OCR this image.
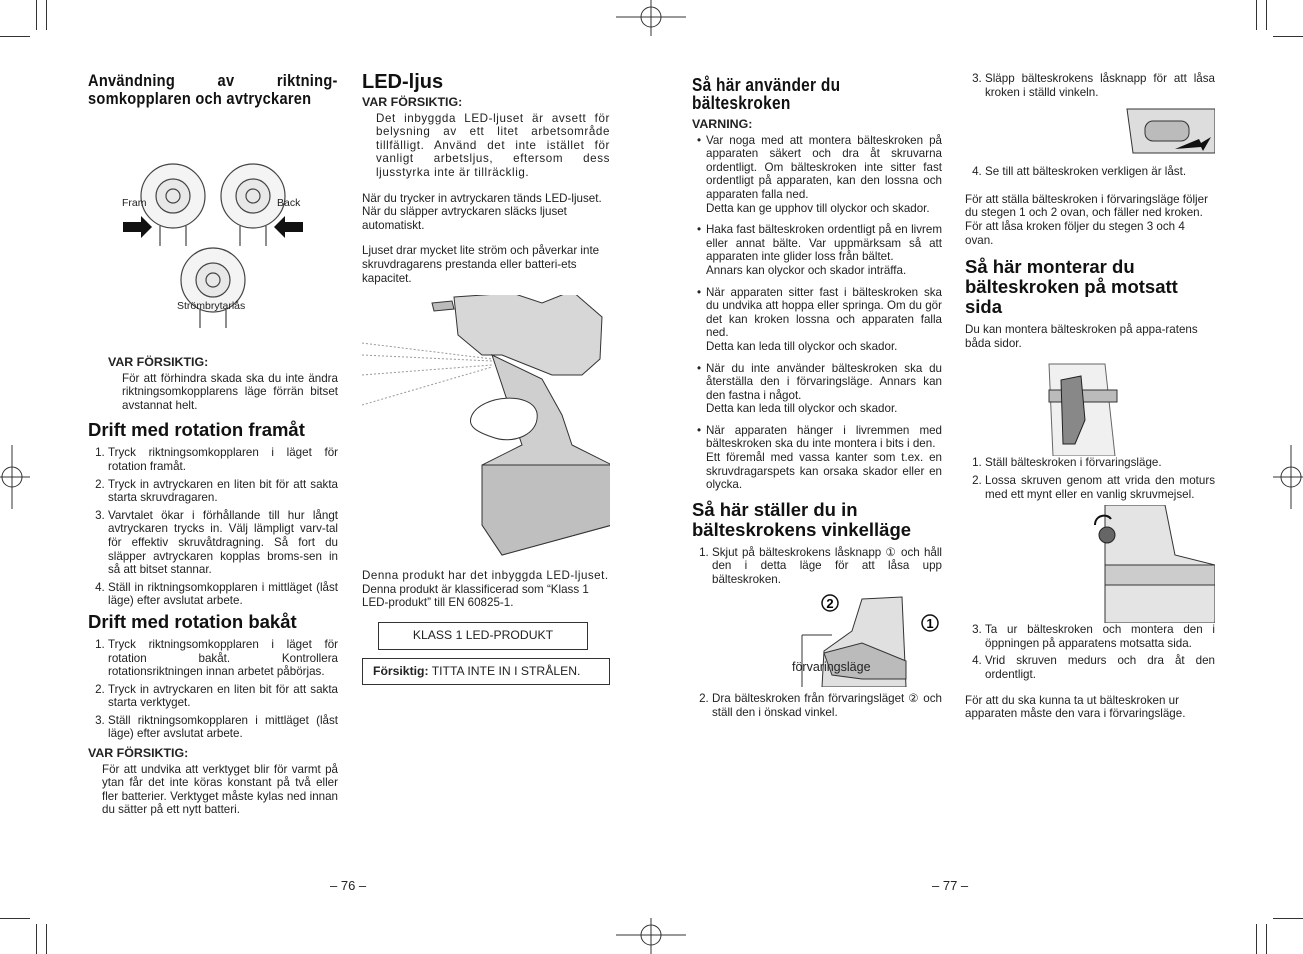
Användning av riktningsomkopplaren och avtryckaren
Fram	Back
Strömbrytarlås
VAR FÖRSIKTIG:
För att förhindra skada ska du inte ändra riktningsomkopplarens läge förrän bitset avstannat helt.
Drift med rotation framåt
1. Tryck riktningsomkopplaren i läget för rotation framåt.
2. Tryck in avtryckaren en liten bit för att sakta starta skruvdragaren.
3. Varvtalet ökar i förhållande till hur långt avtryckaren trycks in. Välj lämpligt varv-tal för effektiv skruvåtdragning. Så fort du släpper avtryckaren kopplas broms-sen in så att bitset stannar.
4. Ställ in riktningsomkopplaren i mittläget (låst läge) efter avslutat arbete.
Drift med rotation bakåt
1. Tryck riktningsomkopplaren i läget för rotation bakåt. Kontrollera rotationsriktningen innan arbetet påbörjas.
2. Tryck in avtryckaren en liten bit för att sakta starta verktyget.
3. Ställ riktningsomkopplaren i mittläget (låst läge) efter avslutat arbete.
VAR FÖRSIKTIG:
För att undvika att verktyget blir för varmt på ytan får det inte köras konstant på två eller fler batterier. Verktyget måste kylas ned innan du sätter på ett nytt batteri.
LED-ljus
VAR FÖRSIKTIG:

Det inbyggda LED-ljuset är avsett för belysning av ett litet arbetsområde tillfälligt. Använd det inte istället för vanligt arbetsljus, eftersom dess ljusstyrka inte är tillräcklig.

När du trycker in avtryckaren tänds LED-ljuset. När du släpper avtryckaren släcks ljuset automatiskt.

Ljuset drar mycket lite ström och påverkar inte skruvdragarens prestanda eller batteri-ets kapacitet.

Denna produkt har det inbyggda LED-ljuset.

Denna produkt är klassificerad som “Klass 1 LED-produkt” till EN 60825-1.

KLASS 1 LED-PRODUKT
Försiktig: TITTA INTE IN I STRÅLEN.
– 76 –
Så här använder du bälteskroken
VARNING:
• Var noga med att montera bälteskroken på apparaten säkert och dra åt skruvarna ordentligt. Om bälteskroken inte sitter fast ordentligt på apparaten, kan den lossna och apparaten falla ned.
Detta kan ge upphov till olyckor och skador.
• Haka fast bälteskroken ordentligt på en livrem eller annat bälte. Var uppmärksam så att apparaten inte glider loss från bältet.
Annars kan olyckor och skador inträffa.
• När apparaten sitter fast i bälteskroken ska du undvika att hoppa eller springa. Om du gör det kan kroken lossna och apparaten falla ned.
Detta kan leda till olyckor och skador.
• När du inte använder bälteskroken ska du återställa den i förvaringsläge. Annars kan den fastna i något.
Detta kan leda till olyckor och skador.
• När apparaten hänger i livremmen med bälteskroken ska du inte montera i bits i den.
Ett föremål med vassa kanter som t.ex. en skruvdragarspets kan orsaka skador eller en olycka.
Så här ställer du in bälteskrokens vinkelläge
1. Skjut på bälteskrokens låsknapp ① och håll den i detta läge för att låsa upp bälteskroken.
2
1
förvaringsläge
2. Dra bälteskroken från förvaringsläget ② och ställ den i önskad vinkel.
3. Släpp bälteskrokens låsknapp för att låsa kroken i ställd vinkeln.
4. Se till att bälteskroken verkligen är låst.

För att ställa bälteskroken i förvaringsläge följer du stegen 1 och 2 ovan, och fäller ned kroken.

För att låsa kroken följer du stegen 3 och 4 ovan.

Så här monterar du bälteskroken på motsatt sida

Du kan montera bälteskroken på appa-ratens båda sidor.

1. Ställ bälteskroken i förvaringsläge.
2. Lossa skruven genom att vrida den moturs med ett mynt eller en vanlig skruvmejsel.
3. Ta ur bälteskroken och montera den i öppningen på apparatens motsatta sida.
4. Vrid skruven medurs och dra åt den ordentligt.

För att du ska kunna ta ut bälteskroken ur apparaten måste den vara i förvaringsläge.

– 77 –
